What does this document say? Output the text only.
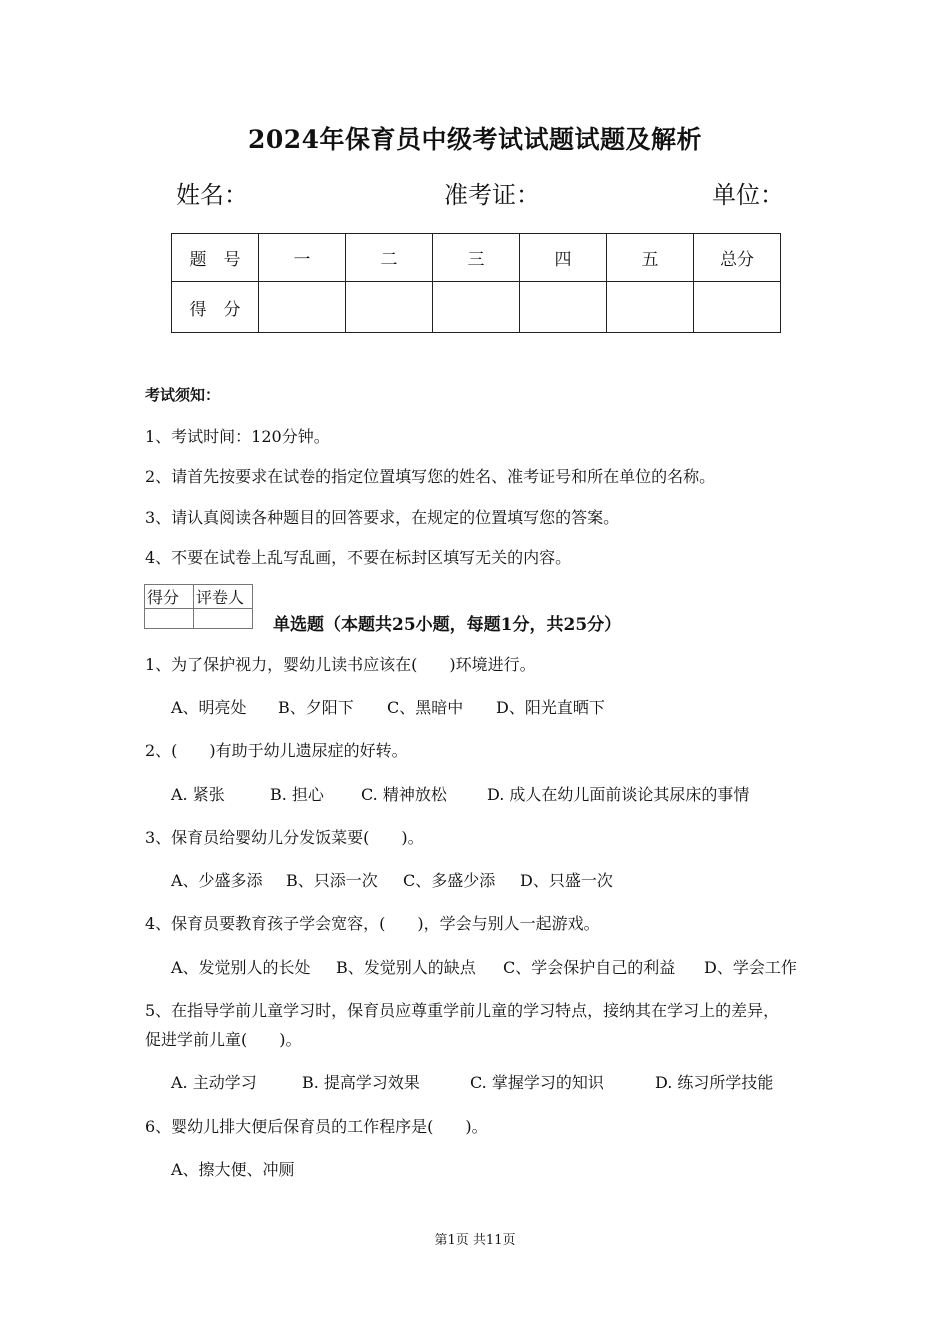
2024年保育员中级考试试题试题及解析
姓名：	准考证：	单位：
题　号	一	二	三	四	五	总分
得　分						
考试须知：
1、考试时间：120分钟。
2、请首先按要求在试卷的指定位置填写您的姓名、准考证号和所在单位的名称。
3、请认真阅读各种题目的回答要求，在规定的位置填写您的答案。
4、不要在试卷上乱写乱画，不要在标封区填写无关的内容。
得分	评卷人

单选题（本题共25小题，每题1分，共25分）
1、为了保护视力，婴幼儿读书应该在(　　)环境进行。
A、明亮处 B、夕阳下 C、黑暗中 D、阳光直晒下
2、(　　)有助于幼儿遗尿症的好转。
A. 紧张	B. 担心 C. 精神放松	D. 成人在幼儿面前谈论其尿床的事情
3、保育员给婴幼儿分发饭菜要(　　)。
A、少盛多添 B、只添一次 C、多盛少添 D、只盛一次
4、保育员要教育孩子学会宽容，(　　)，学会与别人一起游戏。
A、发觉别人的长处 B、发觉别人的缺点 C、学会保护自己的利益 D、学会工作
5、在指导学前儿童学习时，保育员应尊重学前儿童的学习特点，接纳其在学习上的差异，
促进学前儿童(　　)。
A. 主动学习	B. 提高学习效果	C. 掌握学习的知识	D. 练习所学技能
6、婴幼儿排大便后保育员的工作程序是(　　)。
A、擦大便、冲厕
第1页 共11页
